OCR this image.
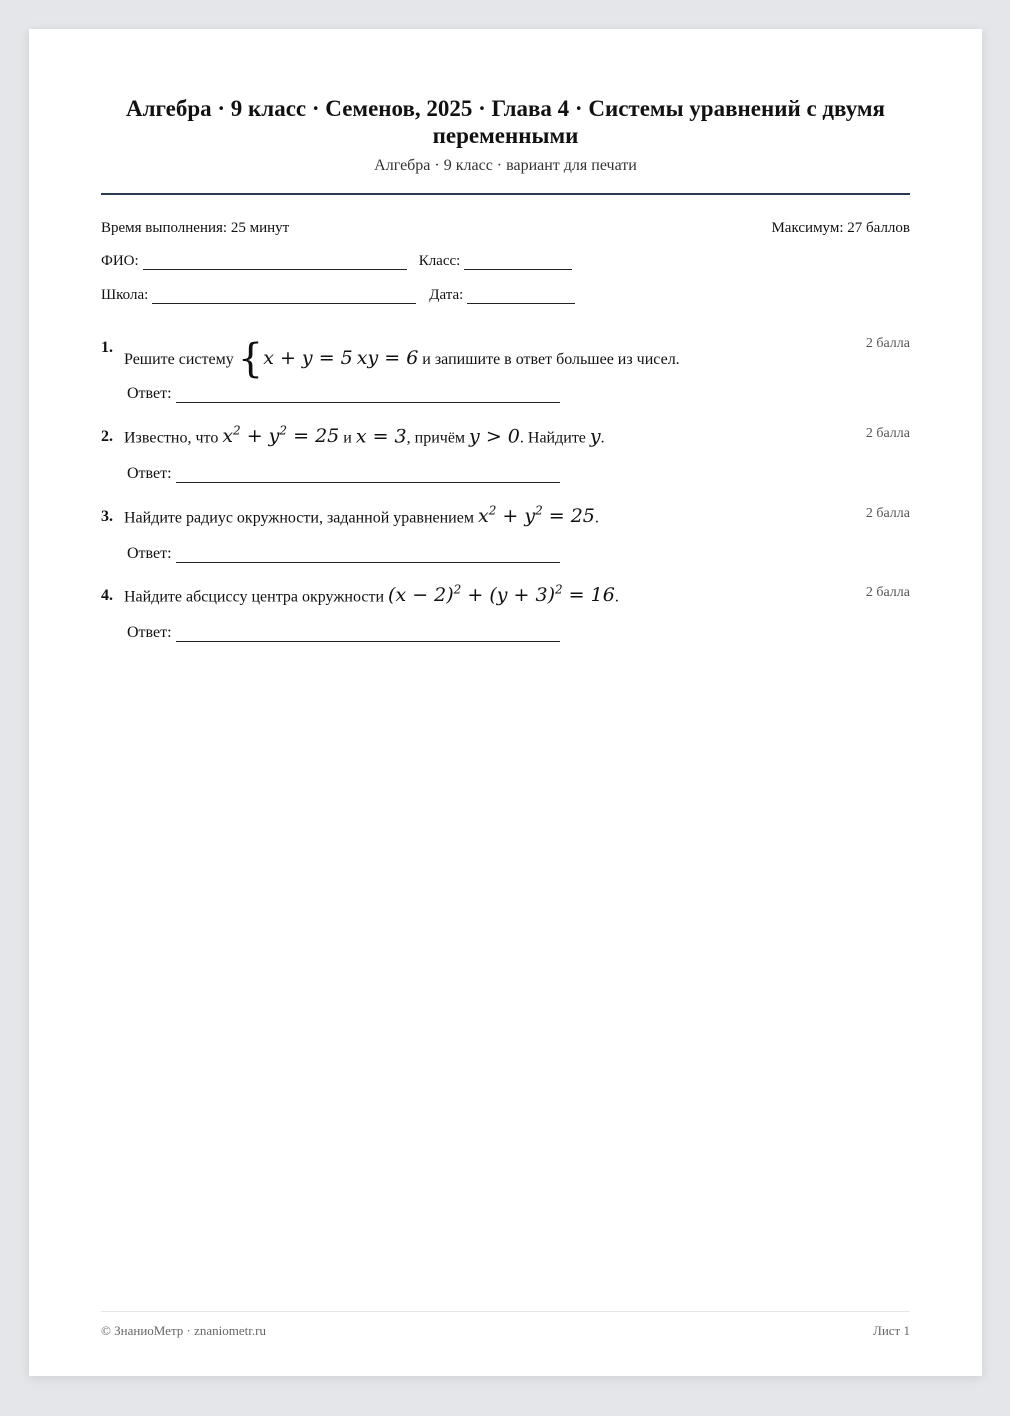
Алгебра · 9 класс · Семенов, 2025 · Глава 4 · Системы уравнений с двумя переменными
Алгебра · 9 класс · вариант для печати
Время выполнения: 25 минут	Максимум: 27 баллов
ФИО:	Класс:
Школа:	Дата:
1.
Решите систему {x + y = 5 xy = 6 и запишите в ответ большее из чисел.
2 балла
Ответ:
2. Известно, что $x^2 + y^2 = 25$ и x = 3, причём y > 0. Найдите y.	2 балла
Ответ:
3. Найдите радиус окружности, заданной уравнением $x^2 + y^2 = 25$.	2 балла
Ответ:
4. Найдите абсциссу центра окружности $(x - 2)^2 + (y + 3)^2 = 16$.	2 балла
Ответ:
© ЗнаниоМетр · znaniometr.ru	Лист 1
